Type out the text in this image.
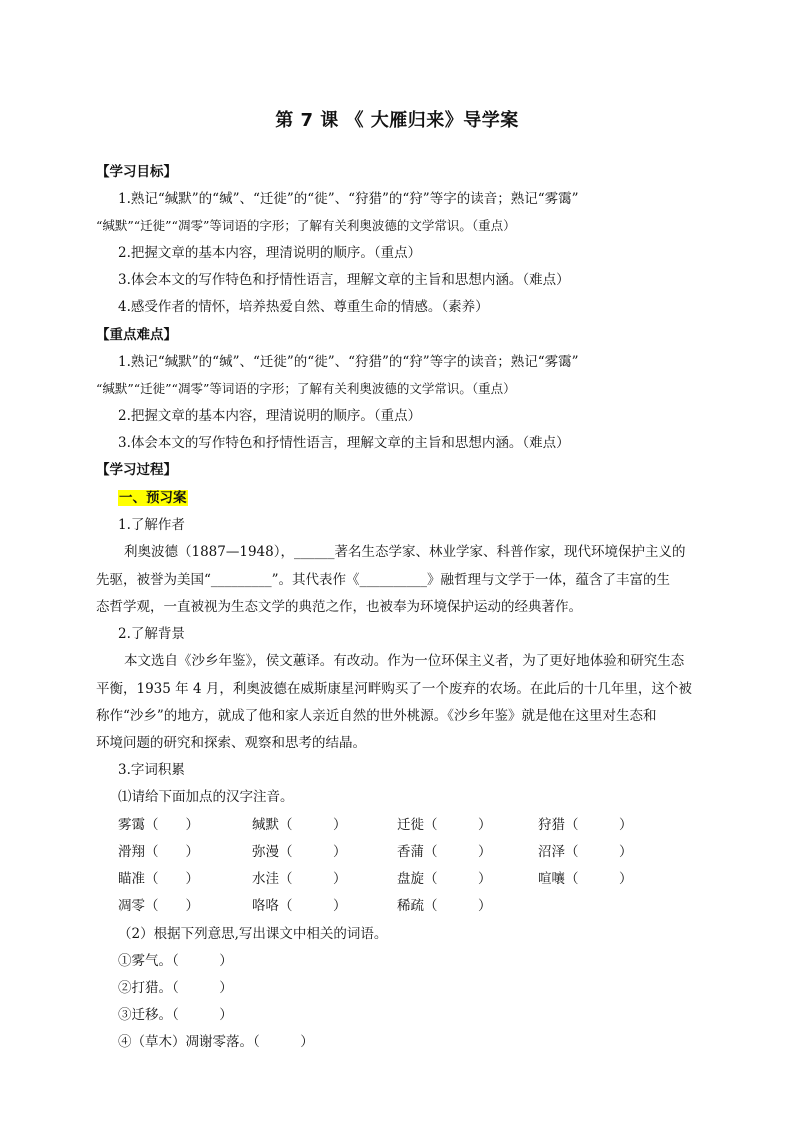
第 7 课 《 大雁归来》导学案
【学习目标】
1.熟记“缄默”的“缄”、“迁徙”的“徙”、“狩猎”的“狩”等字的读音；熟记“雾霭”
“缄默”“迁徙”“凋零”等词语的字形；了解有关利奥波德的文学常识。（重点）
2.把握文章的基本内容，理清说明的顺序。（重点）
3.体会本文的写作特色和抒情性语言，理解文章的主旨和思想内涵。（难点）
4.感受作者的情怀，培养热爱自然、尊重生命的情感。（素养）
【重点难点】
1.熟记“缄默”的“缄”、“迁徙”的“徙”、“狩猎”的“狩”等字的读音；熟记“雾霭”
“缄默”“迁徙”“凋零”等词语的字形；了解有关利奥波德的文学常识。（重点）
2.把握文章的基本内容，理清说明的顺序。（重点）
3.体会本文的写作特色和抒情性语言，理解文章的主旨和思想内涵。（难点）
【学习过程】
一、预习案
1.了解作者
利奥波德（1887—1948），______著名生态学家、林业学家、科普作家，现代环境保护主义的
先驱，被誉为美国“_________”。其代表作《__________》融哲理与文学于一体，蕴含了丰富的生
态哲学观，一直被视为生态文学的典范之作，也被奉为环境保护运动的经典著作。
2.了解背景
本文选自《沙乡年鉴》，侯文蕙译。有改动。作为一位环保主义者，为了更好地体验和研究生态
平衡，1935 年 4 月，利奥波德在威斯康星河畔购买了一个废弃的农场。在此后的十几年里，这个被
称作“沙乡”的地方，就成了他和家人亲近自然的世外桃源。《沙乡年鉴》就是他在这里对生态和
环境问题的研究和探索、观察和思考的结晶。
3.字词积累
⑴请给下面加点的汉字注音。
雾霭（　　）	缄默（　　　）	迁徙（　　　）	狩猎（　　　）
滑翔（　　）	弥漫（　　　）	香蒲（　　　）	沼泽（　　　）
瞄准（　　）	水洼（　　　）	盘旋（　　　）	喧嚷（　　　）
凋零（　　）	咯咯（　　　）	稀疏（　　　）
（2）根据下列意思,写出课文中相关的词语。
①雾气。（　　　）
②打猎。（　　　）
③迁移。（　　　）
④（草木）凋谢零落。（　　　）
